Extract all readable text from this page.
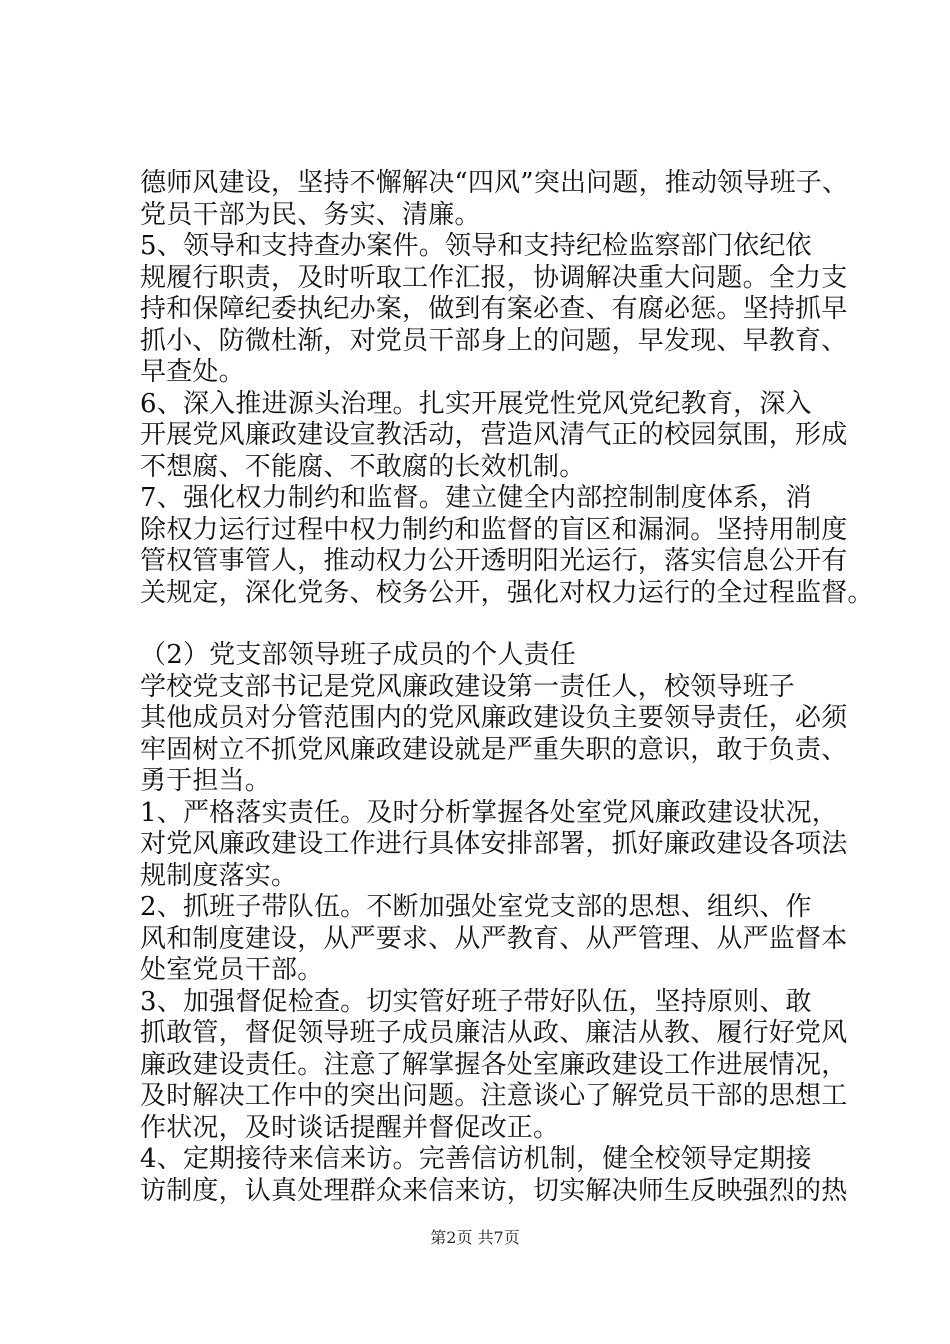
德师风建设，坚持不懈解决“四风”突出问题，推动领导班子、
党员干部为民、务实、清廉。
5、领导和支持查办案件。领导和支持纪检监察部门依纪依
规履行职责，及时听取工作汇报，协调解决重大问题。全力支
持和保障纪委执纪办案，做到有案必查、有腐必惩。坚持抓早
抓小、防微杜渐，对党员干部身上的问题，早发现、早教育、
早查处。
6、深入推进源头治理。扎实开展党性党风党纪教育，深入
开展党风廉政建设宣教活动，营造风清气正的校园氛围，形成
不想腐、不能腐、不敢腐的长效机制。
7、强化权力制约和监督。建立健全内部控制制度体系，消
除权力运行过程中权力制约和监督的盲区和漏洞。坚持用制度
管权管事管人，推动权力公开透明阳光运行，落实信息公开有
关规定，深化党务、校务公开，强化对权力运行的全过程监督。
（2）党支部领导班子成员的个人责任
学校党支部书记是党风廉政建设第一责任人，校领导班子
其他成员对分管范围内的党风廉政建设负主要领导责任，必须
牢固树立不抓党风廉政建设就是严重失职的意识，敢于负责、
勇于担当。
1、严格落实责任。及时分析掌握各处室党风廉政建设状况，
对党风廉政建设工作进行具体安排部署，抓好廉政建设各项法
规制度落实。
2、抓班子带队伍。不断加强处室党支部的思想、组织、作
风和制度建设，从严要求、从严教育、从严管理、从严监督本
处室党员干部。
3、加强督促检查。切实管好班子带好队伍，坚持原则、敢
抓敢管，督促领导班子成员廉洁从政、廉洁从教、履行好党风
廉政建设责任。注意了解掌握各处室廉政建设工作进展情况，
及时解决工作中的突出问题。注意谈心了解党员干部的思想工
作状况，及时谈话提醒并督促改正。
4、定期接待来信来访。完善信访机制，健全校领导定期接
访制度，认真处理群众来信来访，切实解决师生反映强烈的热
第2页 共7页
